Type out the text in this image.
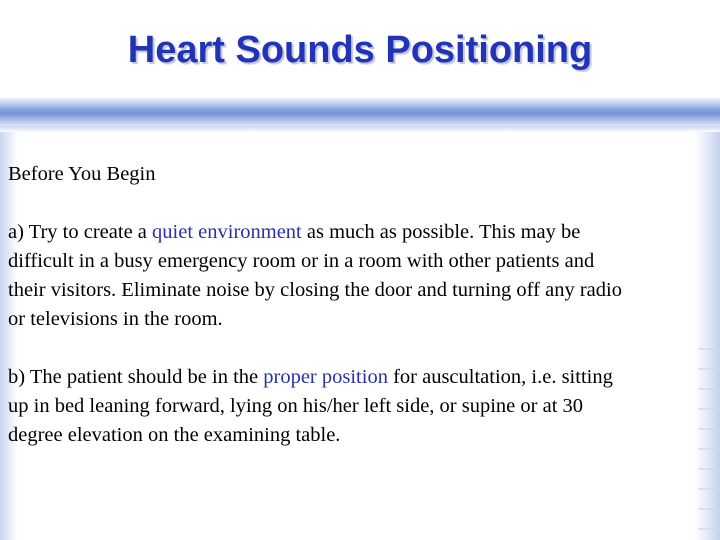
Heart Sounds Positioning

Before You Begin

a) Try to create a quiet environment as much as possible. This may be

difficult in a busy emergency room or in a room with other patients and

their visitors. Eliminate noise by closing the door and turning off any radio

or televisions in the room.

b) The patient should be in the proper position for auscultation, i.e. sitting

up in bed leaning forward, lying on his/her left side, or supine or at 30

degree elevation on the examining table.
